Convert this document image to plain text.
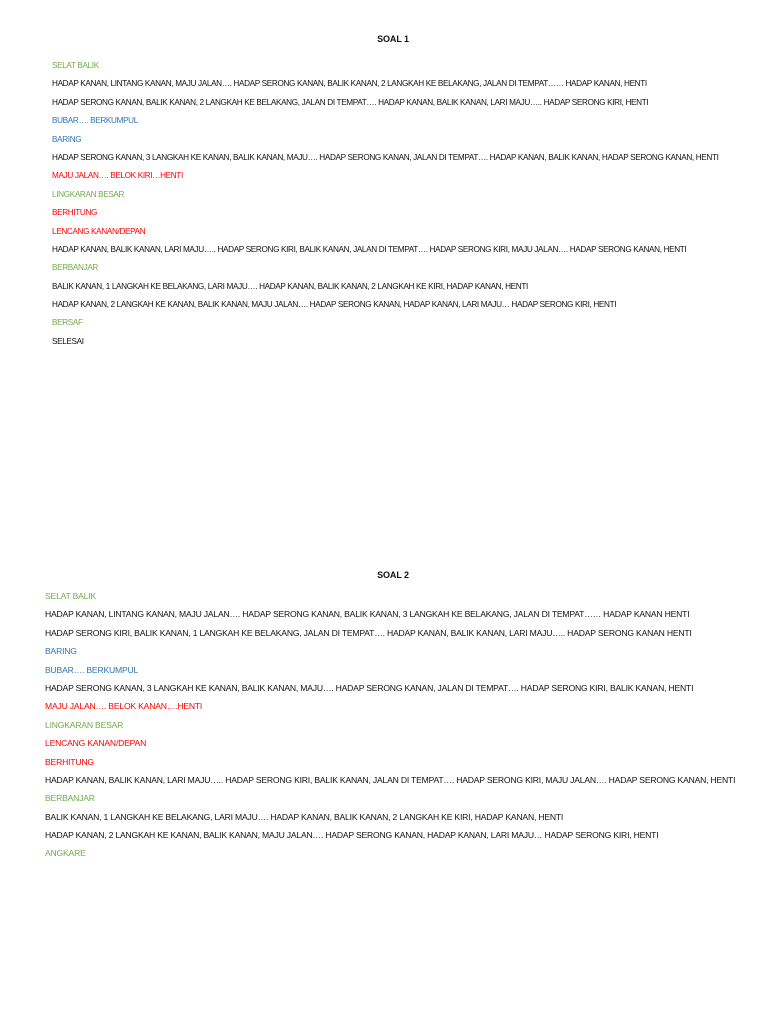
SOAL 1
SELAT BALIK
HADAP KANAN, LINTANG KANAN, MAJU JALAN…. HADAP SERONG KANAN, BALIK KANAN, 2 LANGKAH KE BELAKANG, JALAN DI TEMPAT…… HADAP KANAN, HENTI
HADAP SERONG KANAN, BALIK KANAN, 2 LANGKAH KE BELAKANG, JALAN DI TEMPAT…. HADAP KANAN, BALIK KANAN, LARI MAJU….. HADAP SERONG KIRI, HENTI
BUBAR…. BERKUMPUL
BARING
HADAP SERONG KANAN, 3 LANGKAH KE KANAN, BALIK KANAN, MAJU…. HADAP SERONG KANAN, JALAN DI TEMPAT…. HADAP KANAN, BALIK KANAN, HADAP SERONG KANAN, HENTI
MAJU JALAN…. BELOK KIRI…HENTI
LINGKARAN BESAR
BERHITUNG
LENCANG KANAN/DEPAN
HADAP KANAN, BALIK KANAN, LARI MAJU….. HADAP SERONG KIRI, BALIK KANAN, JALAN DI TEMPAT…. HADAP SERONG KIRI, MAJU JALAN…. HADAP SERONG KANAN, HENTI
BERBANJAR
BALIK KANAN, 1 LANGKAH KE BELAKANG, LARI MAJU…. HADAP KANAN, BALIK KANAN, 2 LANGKAH KE KIRI, HADAP KANAN, HENTI
HADAP KANAN, 2 LANGKAH KE KANAN, BALIK KANAN, MAJU JALAN…. HADAP SERONG KANAN, HADAP KANAN, LARI MAJU… HADAP SERONG KIRI, HENTI
BERSAF
SELESAI
SOAL 2
SELAT BALIK
HADAP KANAN, LINTANG KANAN, MAJU JALAN…. HADAP SERONG KANAN, BALIK KANAN, 3 LANGKAH KE BELAKANG, JALAN DI TEMPAT…… HADAP KANAN HENTI
HADAP SERONG KIRI, BALIK KANAN, 1 LANGKAH KE BELAKANG, JALAN DI TEMPAT…. HADAP KANAN, BALIK KANAN, LARI MAJU….. HADAP SERONG KANAN HENTI
BARING
BUBAR…. BERKUMPUL
HADAP SERONG KANAN, 3 LANGKAH KE KANAN, BALIK KANAN, MAJU…. HADAP SERONG KANAN, JALAN DI TEMPAT…. HADAP SERONG KIRI, BALIK KANAN, HENTI
MAJU JALAN…. BELOK KANAN….HENTI
LINGKARAN BESAR
LENCANG KANAN/DEPAN
BERHITUNG
HADAP KANAN, BALIK KANAN, LARI MAJU….. HADAP SERONG KIRI, BALIK KANAN, JALAN DI TEMPAT…. HADAP SERONG KIRI, MAJU JALAN…. HADAP SERONG KANAN, HENTI
BERBANJAR
BALIK KANAN, 1 LANGKAH KE BELAKANG, LARI MAJU…. HADAP KANAN, BALIK KANAN, 2 LANGKAH KE KIRI, HADAP KANAN, HENTI
HADAP KANAN, 2 LANGKAH KE KANAN, BALIK KANAN, MAJU JALAN…. HADAP SERONG KANAN, HADAP KANAN, LARI MAJU… HADAP SERONG KIRI, HENTI
ANGKARE
